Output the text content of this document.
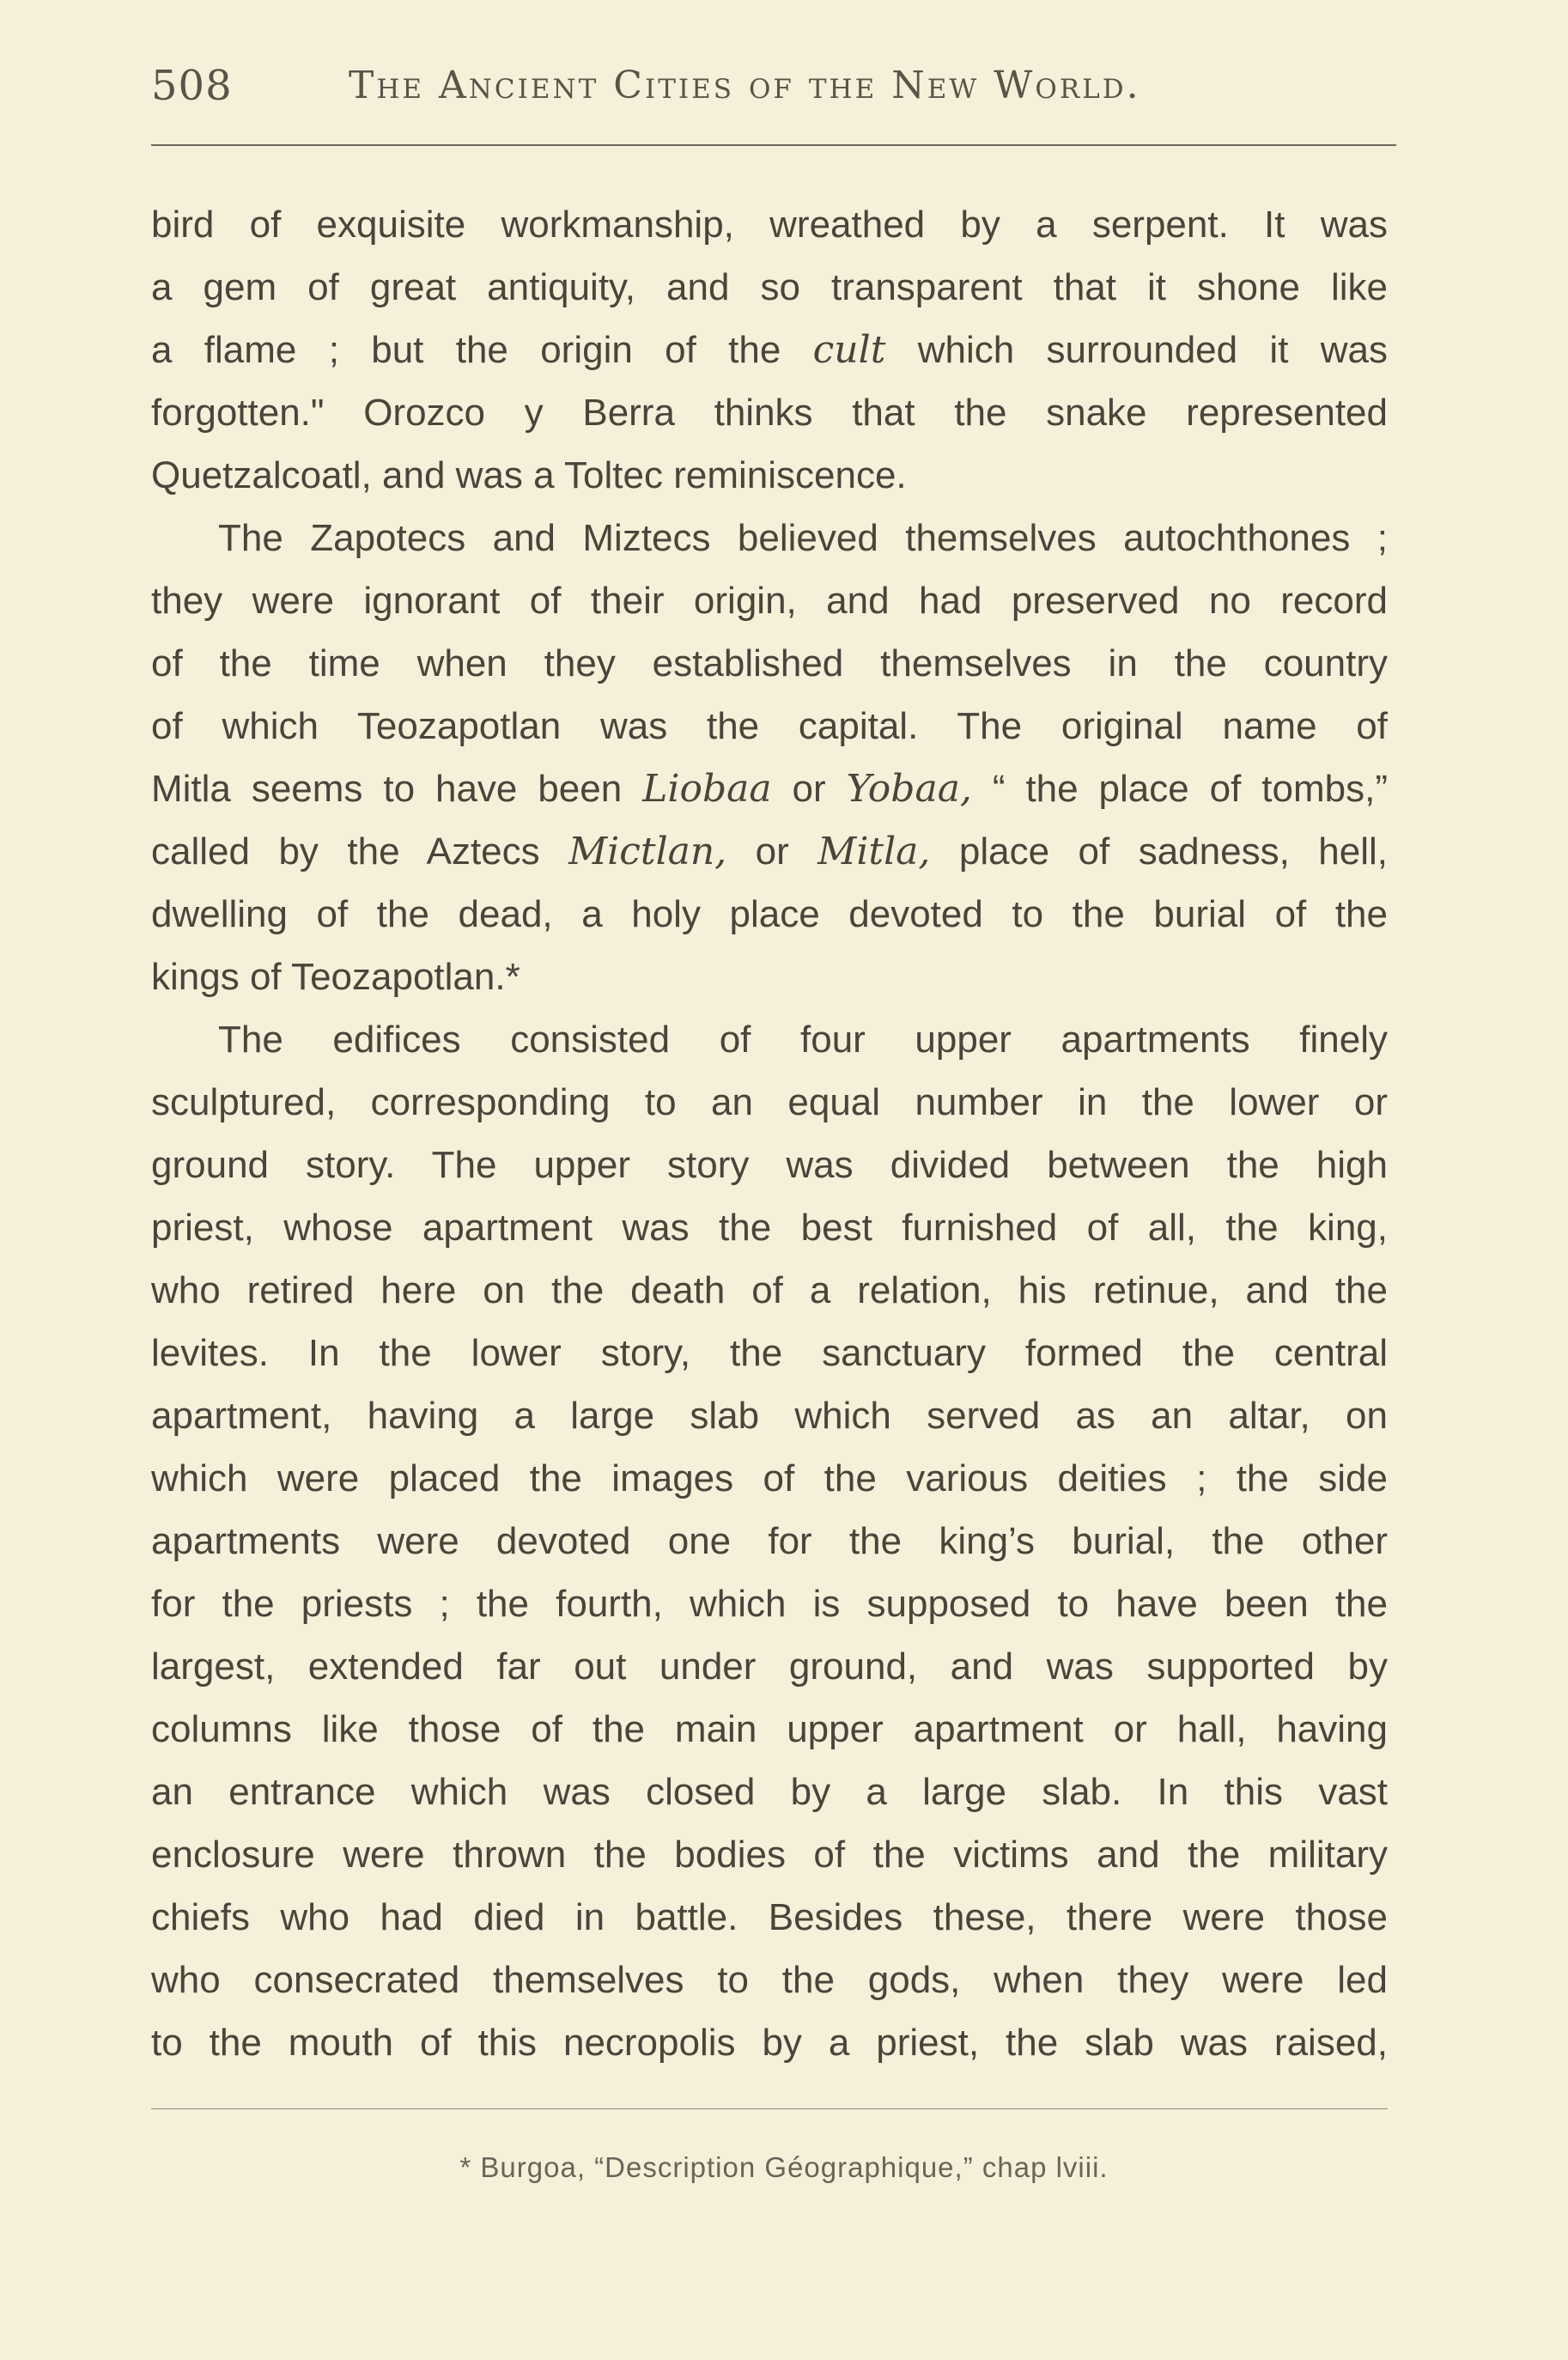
508	The Ancient Cities of the New World.
bird of exquisite workmanship, wreathed by a serpent. It was
a gem of great antiquity, and so transparent that it shone like
a flame ; but the origin of the cult which surrounded it was
forgotten." Orozco y Berra thinks that the snake represented
Quetzalcoatl, and was a Toltec reminiscence.
The Zapotecs and Miztecs believed themselves autochthones ;
they were ignorant of their origin, and had preserved no record
of the time when they established themselves in the country
of which Teozapotlan was the capital. The original name of
Mitla seems to have been Liobaa or Yobaa, “ the place of tombs,”
called by the Aztecs Mictlan, or Mitla, place of sadness, hell,
dwelling of the dead, a holy place devoted to the burial of the
kings of Teozapotlan.*
The edifices consisted of four upper apartments finely
sculptured, corresponding to an equal number in the lower or
ground story. The upper story was divided between the high
priest, whose apartment was the best furnished of all, the king,
who retired here on the death of a relation, his retinue, and the
levites. In the lower story, the sanctuary formed the central
apartment, having a large slab which served as an altar, on
which were placed the images of the various deities ; the side
apartments were devoted one for the king’s burial, the other
for the priests ; the fourth, which is supposed to have been the
largest, extended far out under ground, and was supported by
columns like those of the main upper apartment or hall, having
an entrance which was closed by a large slab. In this vast
enclosure were thrown the bodies of the victims and the military
chiefs who had died in battle. Besides these, there were those
who consecrated themselves to the gods, when they were led
to the mouth of this necropolis by a priest, the slab was raised,
* Burgoa, “Description Géographique,” chap lviii.
